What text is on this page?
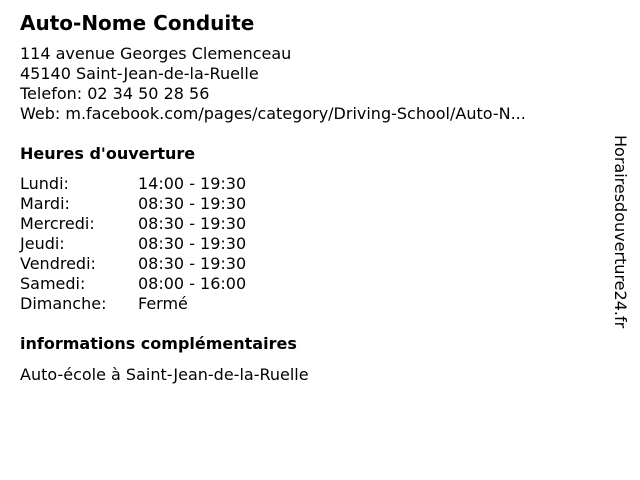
Auto-Nome Conduite
114 avenue Georges Clemenceau
45140 Saint-Jean-de-la-Ruelle
Telefon: 02 34 50 28 56
Web: m.facebook.com/pages/category/Driving-School/Auto-N...
Heures d'ouverture
Lundi:	14:00 - 19:30
Mardi:	08:30 - 19:30
Mercredi:	08:30 - 19:30
Jeudi:	08:30 - 19:30
Vendredi:	08:30 - 19:30
Samedi:	08:00 - 16:00
Dimanche:	Fermé
informations complémentaires
Auto-école à Saint-Jean-de-la-Ruelle
Horairesdouverture24.fr
